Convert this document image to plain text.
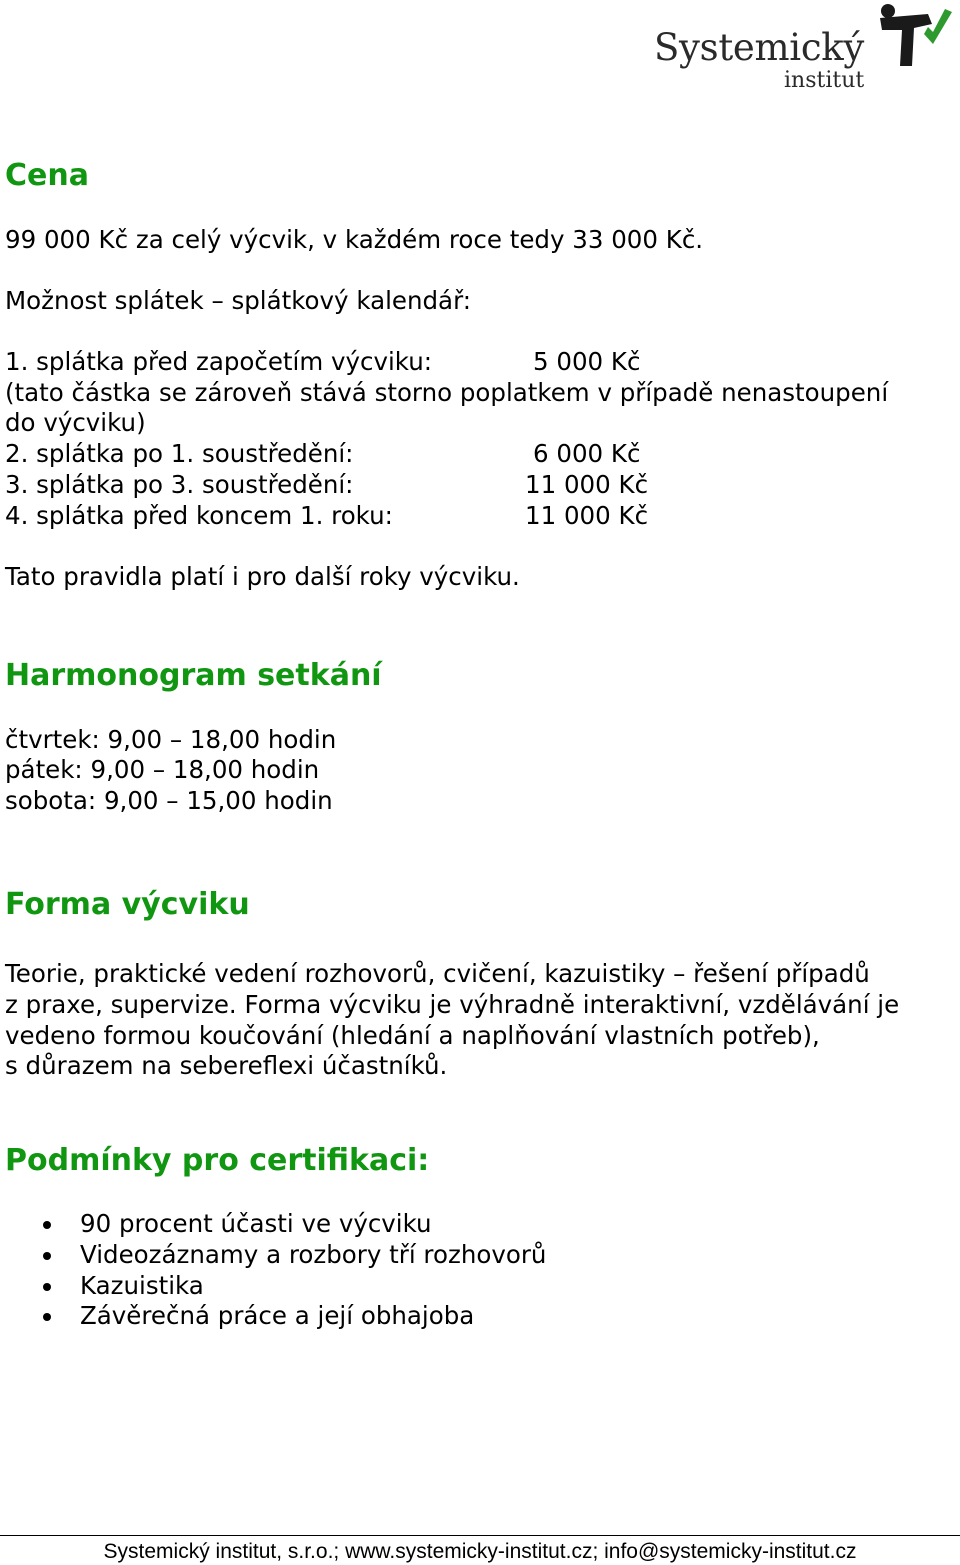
Systemický
institut
Cena

99 000 Kč za celý výcvik, v každém roce tedy 33 000 Kč.

Možnost splátek – splátkový kalendář:

1. splátka před započetím výcviku:	5 000 Kč

(tato částka se zároveň stává storno poplatkem v případě nenastoupení

do výcviku)

2. splátka po 1. soustředění:	6 000 Kč

3. splátka po 3. soustředění:	11 000 Kč

4. splátka před koncem 1. roku:	11 000 Kč

Tato pravidla platí i pro další roky výcviku.

Harmonogram setkání

čtvrtek: 9,00 – 18,00 hodin

pátek: 9,00 – 18,00 hodin

sobota: 9,00 – 15,00 hodin

Forma výcviku

Teorie, praktické vedení rozhovorů, cvičení, kazuistiky – řešení případů

z praxe, supervize. Forma výcviku je výhradně interaktivní, vzdělávání je

vedeno formou koučování (hledání a naplňování vlastních potřeb),

s důrazem na sebereflexi účastníků.

Podmínky pro certifikaci:
90 procent účasti ve výcviku
Videozáznamy a rozbory tří rozhovorů
Kazuistika
Závěrečná práce a její obhajoba
Systemický institut, s.r.o.; www.systemicky-institut.cz; info@systemicky-institut.cz
